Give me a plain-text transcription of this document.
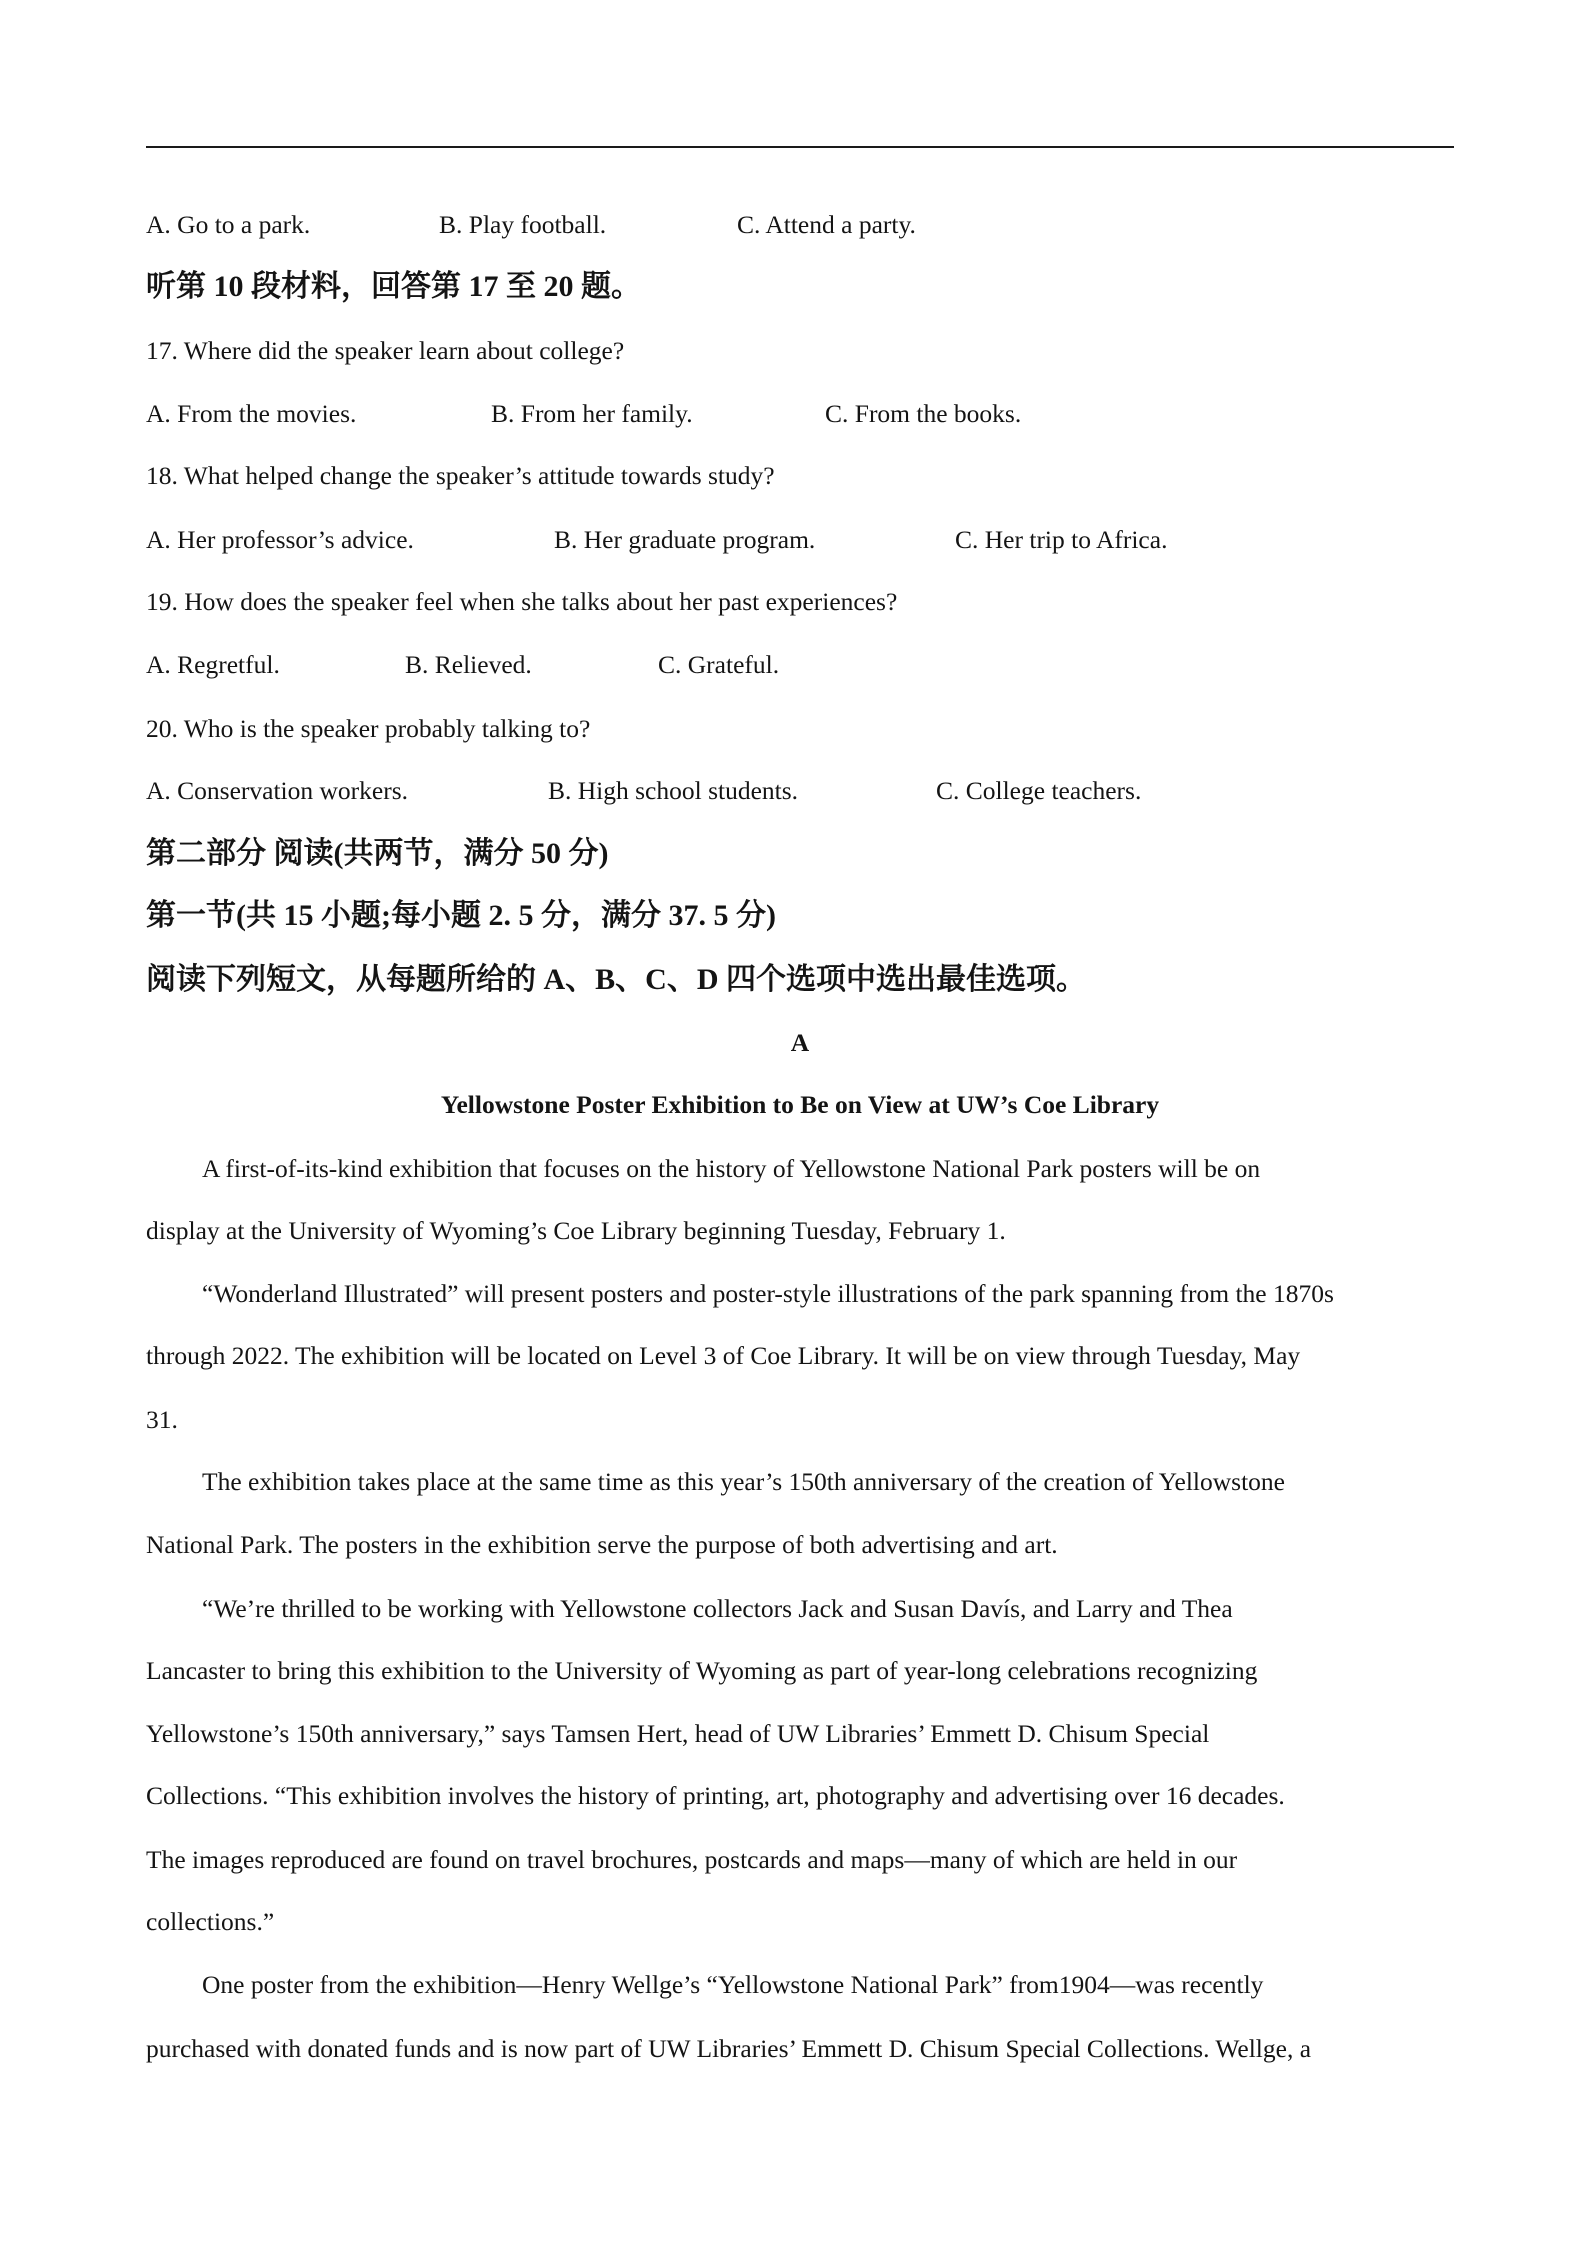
A. Go to a park.	B. Play football.	C. Attend a party.
听第 10 段材料，回答第 17 至 20 题。
17. Where did the speaker learn about college?
A. From the movies.	B. From her family.	C. From the books.
18. What helped change the speaker’s attitude towards study?
A. Her professor’s advice.	B. Her graduate program.	C. Her trip to Africa.
19. How does the speaker feel when she talks about her past experiences?
A. Regretful.	B. Relieved.	C. Grateful.
20. Who is the speaker probably talking to?
A. Conservation workers.	B. High school students.	C. College teachers.
第二部分 阅读(共两节，满分 50 分)
第一节(共 15 小题;每小题 2. 5 分，满分 37. 5 分)
阅读下列短文，从每题所给的 A、B、C、D 四个选项中选出最佳选项。
A
Yellowstone Poster Exhibition to Be on View at UW’s Coe Library
A first-of-its-kind exhibition that focuses on the history of Yellowstone National Park posters will be on
display at the University of Wyoming’s Coe Library beginning Tuesday, February 1.
“Wonderland Illustrated” will present posters and poster-style illustrations of the park spanning from the 1870s
through 2022. The exhibition will be located on Level 3 of Coe Library. It will be on view through Tuesday, May
31.
The exhibition takes place at the same time as this year’s 150th anniversary of the creation of Yellowstone
National Park. The posters in the exhibition serve the purpose of both advertising and art.
“We’re thrilled to be working with Yellowstone collectors Jack and Susan Davís, and Larry and Thea
Lancaster to bring this exhibition to the University of Wyoming as part of year-long celebrations recognizing
Yellowstone’s 150th anniversary,” says Tamsen Hert, head of UW Libraries’ Emmett D. Chisum Special
Collections. “This exhibition involves the history of printing, art, photography and advertising over 16 decades.
The images reproduced are found on travel brochures, postcards and maps—many of which are held in our
collections.”
One poster from the exhibition—Henry Wellge’s “Yellowstone National Park” from1904—was recently
purchased with donated funds and is now part of UW Libraries’ Emmett D. Chisum Special Collections. Wellge, a
